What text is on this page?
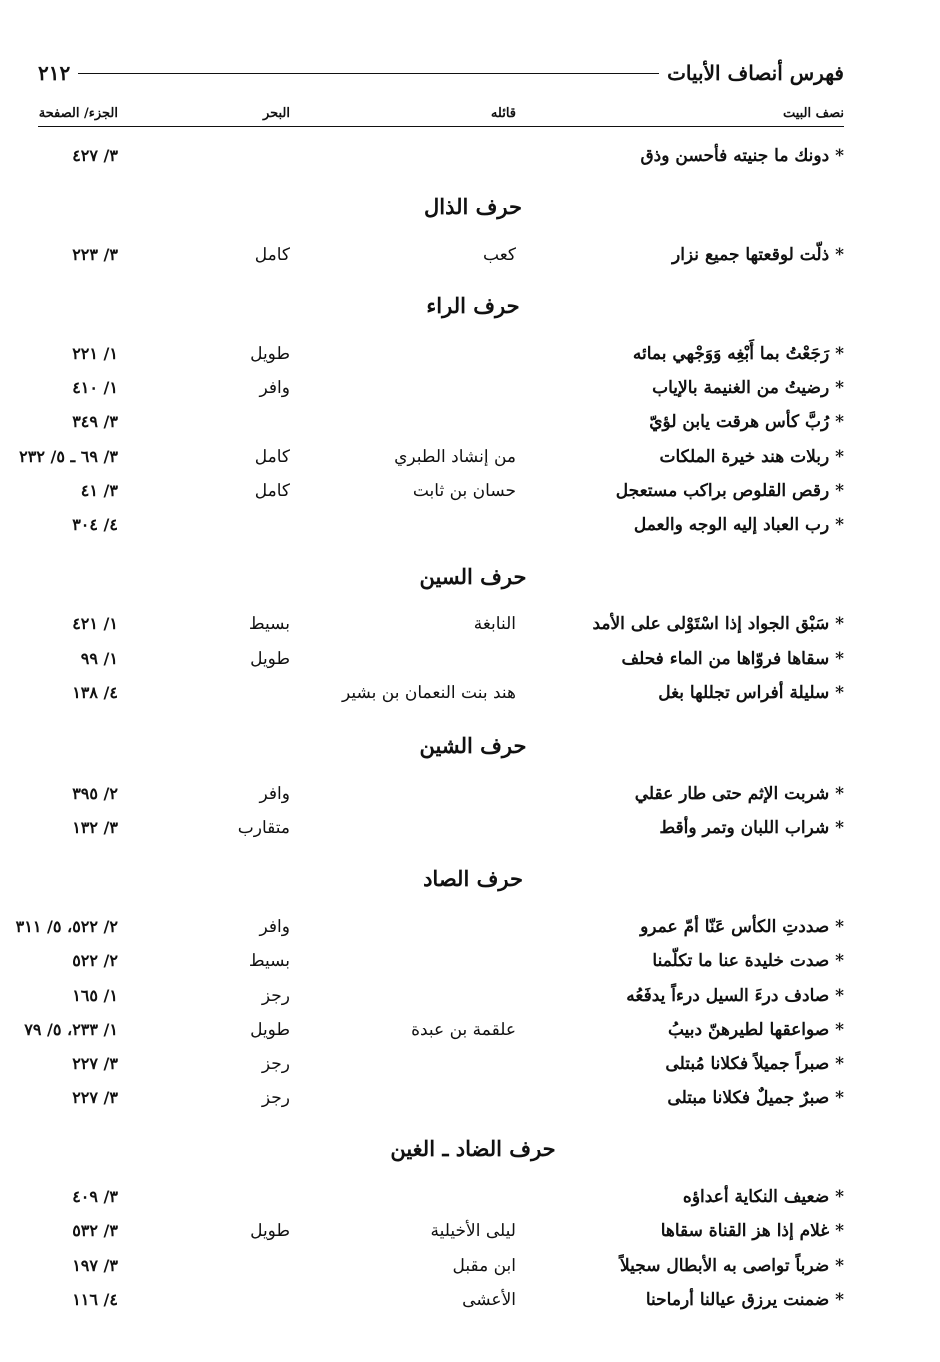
فهرس أنصاف الأبيات
٢١٢
نصف البيت
قائله
البحر
الجزء/ الصفحة
* دونك ما جنيته فأحسن وذق
٣/ ٤٢٧
حرف الذال
* ذلّت لوقعتها جميع نزار
كعب
كامل
٣/ ٢٢٣
حرف الراء
* رَجَعْتُ بما أَبْغِه وَوَجْهي بمائه
طويل
١/ ٢٢١
* رضيتُ من الغنيمة بالإياب
وافر
١/ ٤١٠
* رُبَّ كأس هرقت يابن لؤيّ
٣/ ٣٤٩
* ربلات هند خيرة الملكات
من إنشاد الطبري
كامل
٣/ ٦٩ ـ ٥/ ٢٣٢
* رقص القلوص براكب مستعجل
حسان بن ثابت
كامل
٣/ ٤١
* رب العباد إليه الوجه والعمل
٤/ ٣٠٤
حرف السين
* سَبْق الجواد إذا اسْتَوْلى على الأمد
النابغة
بسيط
١/ ٤٢١
* سقاها فروّاها من الماء فحلف
طويل
١/ ٩٩
* سليلة أفراس تجللها بغل
هند بنت النعمان بن بشير
٤/ ١٣٨
حرف الشين
* شربت الإثم حتى طار عقلي
وافر
٢/ ٣٩٥
* شراب اللبان وتمر وأقط
متقارب
٣/ ١٣٢
حرف الصاد
* صددتِ الكأس عَنّا أمّ عمرو
وافر
٢/ ٥٢٢، ٥/ ٣١١
* صدت خليدة عنا ما تكلّمنا
بسيط
٢/ ٥٢٢
* صادف درءَ السيل درءاً يدفَعُه
رجز
١/ ١٦٥
* صواعقها لطيرهنّ دبيبُ
علقمة بن عبدة
طويل
١/ ٢٣٣، ٥/ ٧٩
* صبراً جميلاً فكلانا مُبتلى
رجز
٣/ ٢٢٧
* صبرٌ جميلٌ فكلانا مبتلى
رجز
٣/ ٢٢٧
حرف الضاد ـ الغين
* ضعيف النكاية أعداؤه
٣/ ٤٠٩
* غلام إذا هز القناة سقاها
ليلى الأخيلية
طويل
٣/ ٥٣٢
* ضرباً تواصى به الأبطال سجيلاً
ابن مقبل
٣/ ١٩٧
* ضمنت يرزق عيالنا أرماحنا
الأعشى
٤/ ١١٦
